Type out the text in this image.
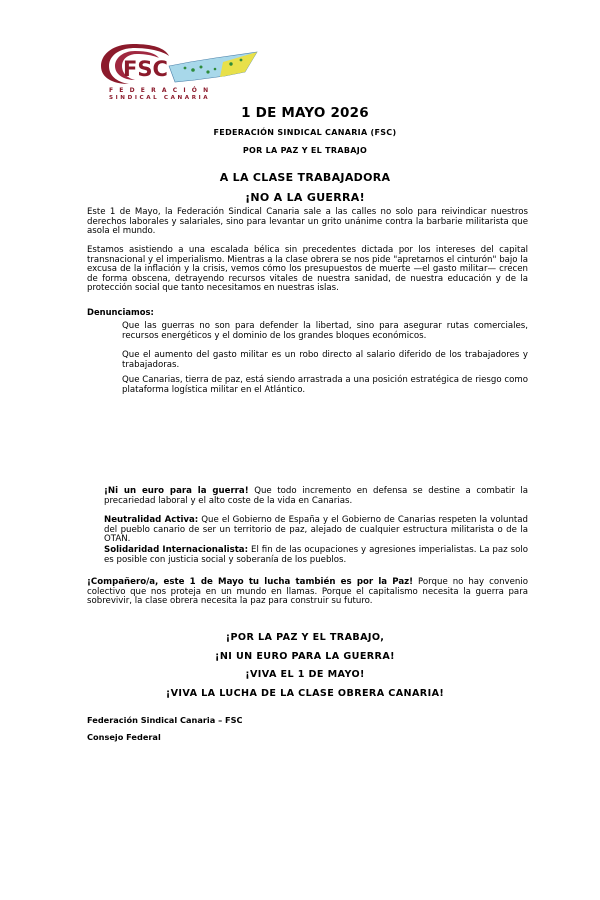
FSC
FEDERACIÓN
SINDICAL CANARIA
1 DE MAYO 2026
FEDERACIÓN SINDICAL CANARIA (FSC)
POR LA PAZ Y EL TRABAJO
A LA CLASE TRABAJADORA
¡NO A LA GUERRA!
Este 1 de Mayo, la Federación Sindical Canaria sale a las calles no solo para reivindicar nuestros derechos laborales y salariales, sino para levantar un grito unánime contra la barbarie militarista que asola el mundo.
Estamos asistiendo a una escalada bélica sin precedentes dictada por los intereses del capital transnacional y el imperialismo. Mientras a la clase obrera se nos pide "apretarnos el cinturón" bajo la excusa de la inflación y la crisis, vemos cómo los presupuestos de muerte —el gasto militar— crecen de forma obscena, detrayendo recursos vitales de nuestra sanidad, de nuestra educación y de la protección social que tanto necesitamos en nuestras islas.
Denunciamos:
Que las guerras no son para defender la libertad, sino para asegurar rutas comerciales, recursos energéticos y el dominio de los grandes bloques económicos.
Que el aumento del gasto militar es un robo directo al salario diferido de los trabajadores y trabajadoras.
Que Canarias, tierra de paz, está siendo arrastrada a una posición estratégica de riesgo como plataforma logística militar en el Atlántico.
¡Ni un euro para la guerra! Que todo incremento en defensa se destine a combatir la precariedad laboral y el alto coste de la vida en Canarias.
Neutralidad Activa: Que el Gobierno de España y el Gobierno de Canarias respeten la voluntad del pueblo canario de ser un territorio de paz, alejado de cualquier estructura militarista o de la OTAN.
Solidaridad Internacionalista: El fin de las ocupaciones y agresiones imperialistas. La paz solo es posible con justicia social y soberanía de los pueblos.
¡Compañero/a, este 1 de Mayo tu lucha también es por la Paz! Porque no hay convenio colectivo que nos proteja en un mundo en llamas. Porque el capitalismo necesita la guerra para sobrevivir, la clase obrera necesita la paz para construir su futuro.
¡POR LA PAZ Y EL TRABAJO,
¡NI UN EURO PARA LA GUERRA!
¡VIVA EL 1 DE MAYO!
¡VIVA LA LUCHA DE LA CLASE OBRERA CANARIA!
Federación Sindical Canaria – FSC
Consejo Federal
